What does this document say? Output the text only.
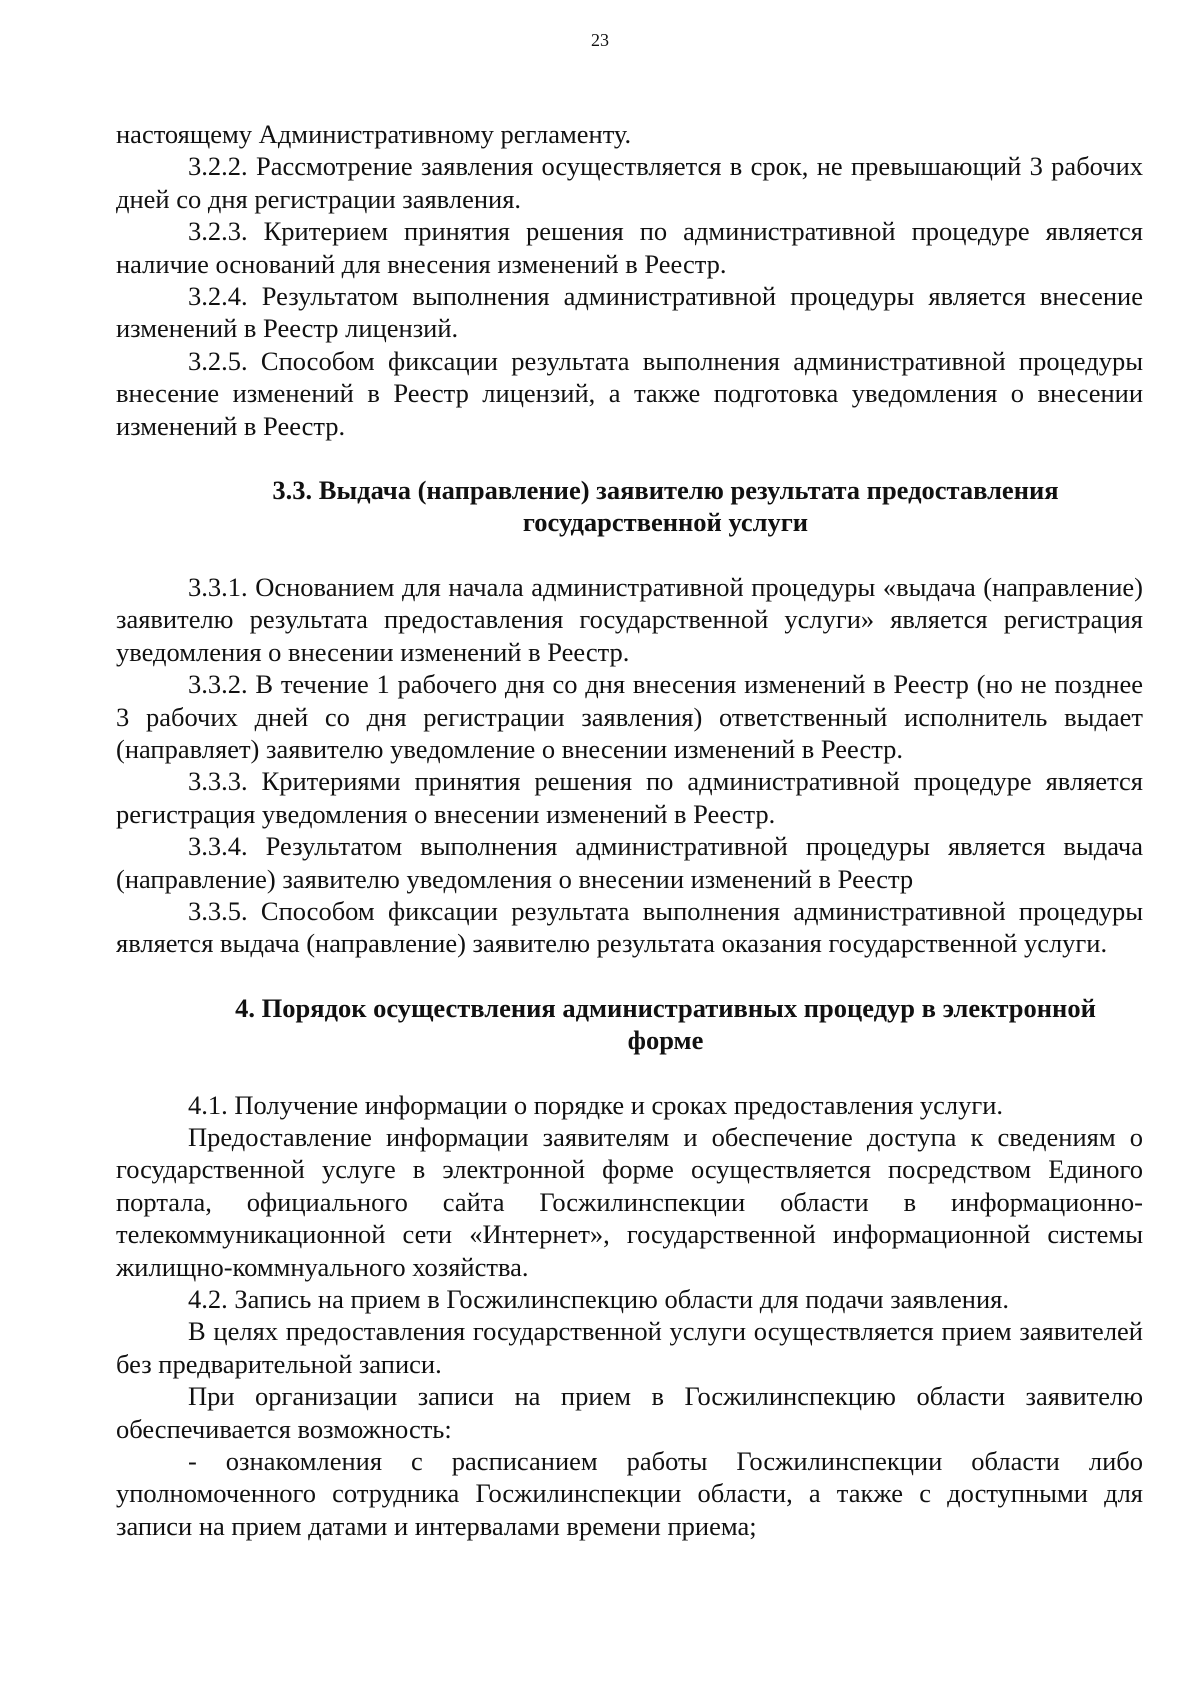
23

настоящему Административному регламенту.

3.2.2. Рассмотрение заявления осуществляется в срок, не превышающий 3 рабочих дней со дня регистрации заявления.

3.2.3. Критерием принятия решения по административной процедуре является наличие оснований для внесения изменений в Реестр.

3.2.4. Результатом выполнения административной процедуры является внесение изменений в Реестр лицензий.

3.2.5. Способом фиксации результата выполнения административной процедуры внесение изменений в Реестр лицензий, а также подготовка уведомления о внесении изменений в Реестр.

3.3. Выдача (направление) заявителю результата предоставления

государственной услуги

3.3.1. Основанием для начала административной процедуры «выдача (направление) заявителю результата предоставления государственной услуги» является регистрация уведомления о внесении изменений в Реестр.

3.3.2. В течение 1 рабочего дня со дня внесения изменений в Реестр (но не позднее 3 рабочих дней со дня регистрации заявления) ответственный исполнитель выдает (направляет) заявителю уведомление о внесении изменений в Реестр.

3.3.3. Критериями принятия решения по административной процедуре является регистрация уведомления о внесении изменений в Реестр.

3.3.4. Результатом выполнения административной процедуры является выдача (направление) заявителю уведомления о внесении изменений в Реестр

3.3.5. Способом фиксации результата выполнения административной процедуры является выдача (направление) заявителю результата оказания государственной услуги.

4. Порядок осуществления административных процедур в электронной

форме

4.1. Получение информации о порядке и сроках предоставления услуги.

Предоставление информации заявителям и обеспечение доступа к сведениям о государственной услуге в электронной форме осуществляется посредством Единого портала, официального сайта Госжилинспекции области в информационно-телекоммуникационной сети «Интернет», государственной информационной системы жилищно-коммнуального хозяйства.

4.2. Запись на прием в Госжилинспекцию области для подачи заявления.

В целях предоставления государственной услуги осуществляется прием заявителей без предварительной записи.

При организации записи на прием в Госжилинспекцию области заявителю обеспечивается возможность:

- ознакомления с расписанием работы Госжилинспекции области либо уполномоченного сотрудника Госжилинспекции области, а также с доступными для записи на прием датами и интервалами времени приема;
